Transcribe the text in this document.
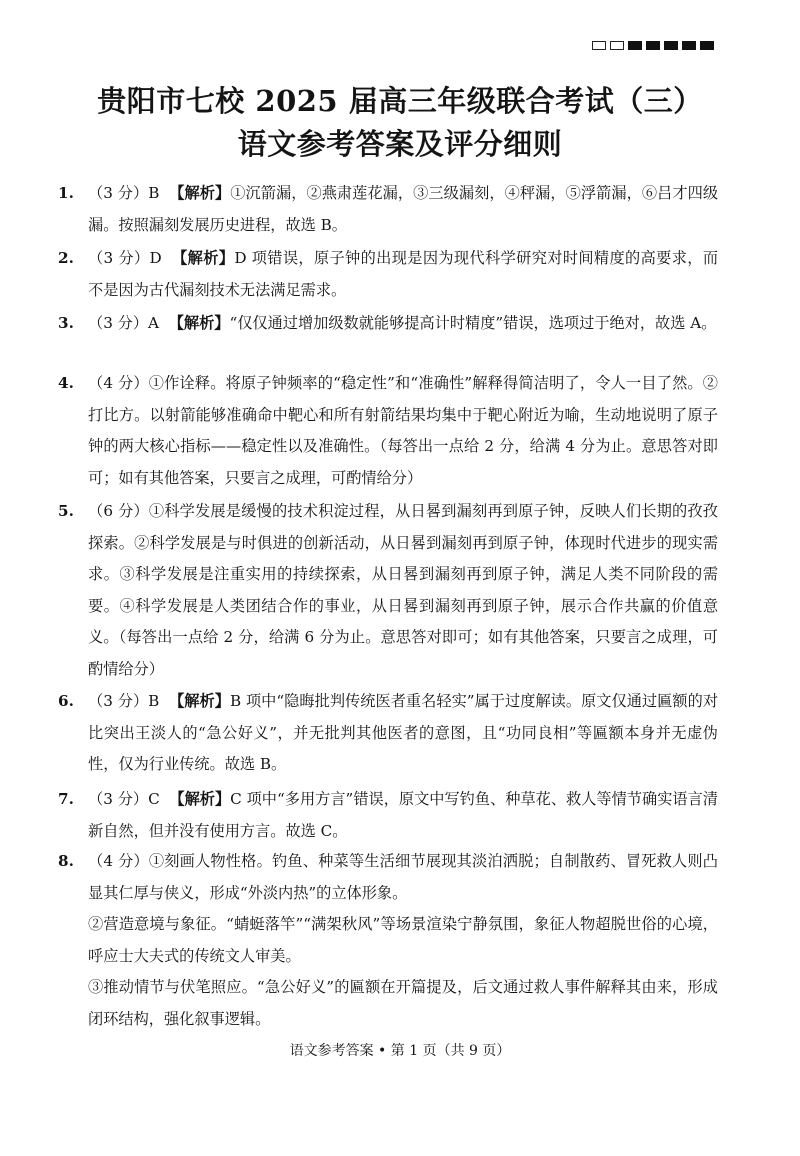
贵阳市七校 2025 届高三年级联合考试（三）
语文参考答案及评分细则
1. （3 分）B 【解析】①沉箭漏，②燕肃莲花漏，③三级漏刻，④秤漏，⑤浮箭漏，⑥吕才四级漏。按照漏刻发展历史进程，故选 B。

2. （3 分）D 【解析】D 项错误，原子钟的出现是因为现代科学研究对时间精度的高要求，而不是因为古代漏刻技术无法满足需求。

3. （3 分）A 【解析】“仅仅通过增加级数就能够提高计时精度”错误，选项过于绝对，故选 A。

4. （4 分）①作诠释。将原子钟频率的“稳定性”和“准确性”解释得简洁明了，令人一目了然。②打比方。以射箭能够准确命中靶心和所有射箭结果均集中于靶心附近为喻，生动地说明了原子钟的两大核心指标——稳定性以及准确性。（每答出一点给 2 分，给满 4 分为止。意思答对即可；如有其他答案，只要言之成理，可酌情给分）

5. （6 分）①科学发展是缓慢的技术积淀过程，从日晷到漏刻再到原子钟，反映人们长期的孜孜探索。②科学发展是与时俱进的创新活动，从日晷到漏刻再到原子钟，体现时代进步的现实需求。③科学发展是注重实用的持续探索，从日晷到漏刻再到原子钟，满足人类不同阶段的需要。④科学发展是人类团结合作的事业，从日晷到漏刻再到原子钟，展示合作共赢的价值意义。（每答出一点给 2 分，给满 6 分为止。意思答对即可；如有其他答案，只要言之成理，可酌情给分）

6. （3 分）B 【解析】B 项中“隐晦批判传统医者重名轻实”属于过度解读。原文仅通过匾额的对比突出王淡人的“急公好义”，并无批判其他医者的意图，且“功同良相”等匾额本身并无虚伪性，仅为行业传统。故选 B。

7. （3 分）C 【解析】C 项中“多用方言”错误，原文中写钓鱼、种草花、救人等情节确实语言清新自然，但并没有使用方言。故选 C。

8. （4 分）①刻画人物性格。钓鱼、种菜等生活细节展现其淡泊洒脱；自制散药、冒死救人则凸显其仁厚与侠义，形成“外淡内热”的立体形象。

②营造意境与象征。“蜻蜓落竿”“满架秋风”等场景渲染宁静氛围，象征人物超脱世俗的心境，呼应士大夫式的传统文人审美。

③推动情节与伏笔照应。“急公好义”的匾额在开篇提及，后文通过救人事件解释其由来，形成闭环结构，强化叙事逻辑。

语文参考答案 • 第 1 页（共 9 页）
